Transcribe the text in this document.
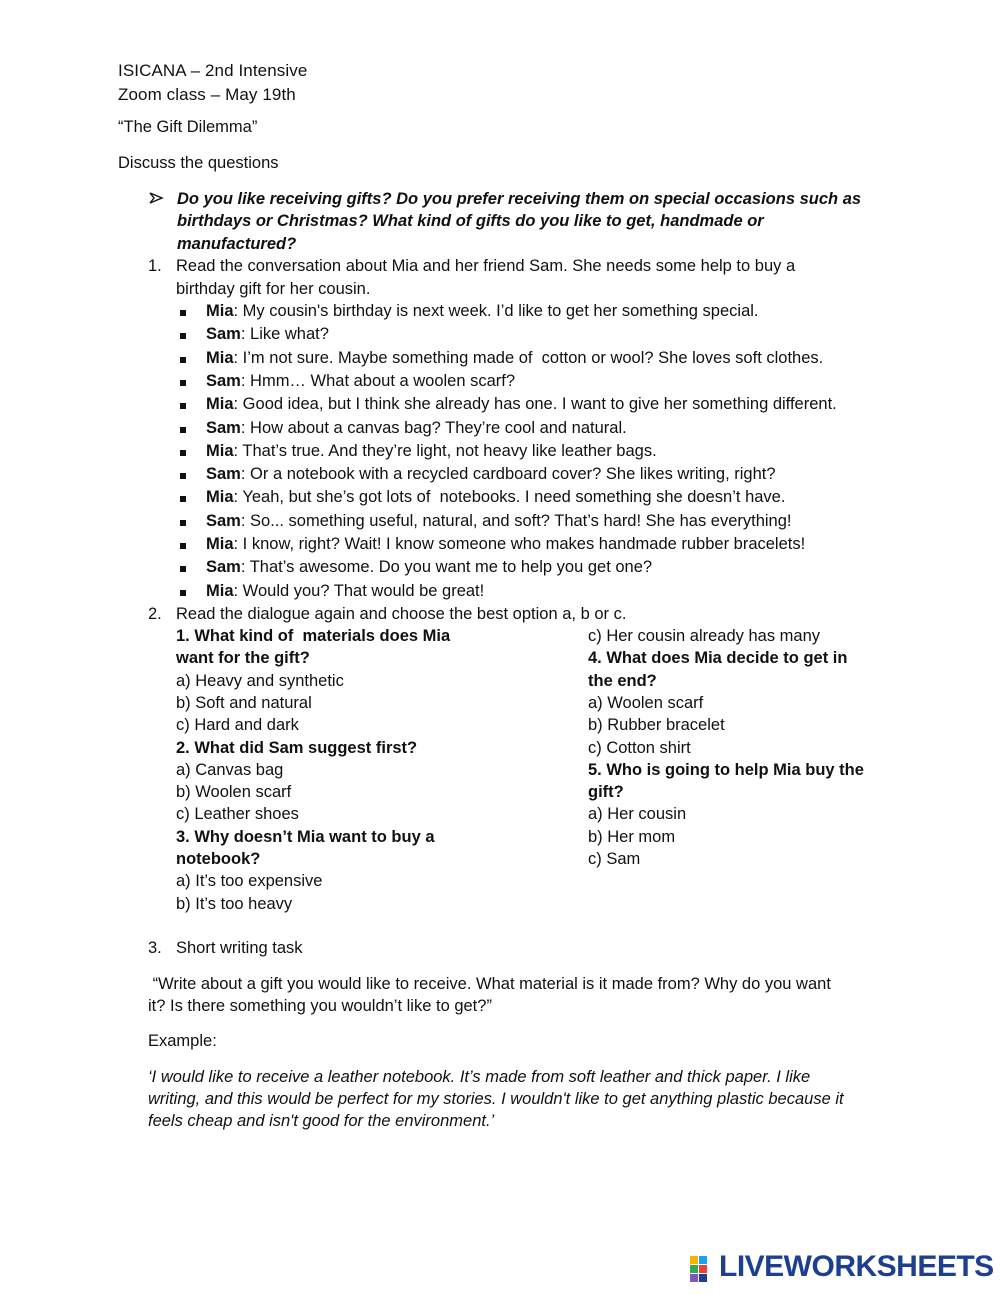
ISICANA – 2nd Intensive
Zoom class – May 19th
“The Gift Dilemma”
Discuss the questions
Do you like receiving gifts? Do you prefer receiving them on special occasions such as
birthdays or Christmas? What kind of gifts do you like to get, handmade or
manufactured?
1. Read the conversation about Mia and her friend Sam. She needs some help to buy a
birthday gift for her cousin.
Mia: My cousin's birthday is next week. I’d like to get her something special.
Sam: Like what?
Mia: I’m not sure. Maybe something made of  cotton or wool? She loves soft clothes.
Sam: Hmm… What about a woolen scarf?
Mia: Good idea, but I think she already has one. I want to give her something different.
Sam: How about a canvas bag? They’re cool and natural.
Mia: That’s true. And they’re light, not heavy like leather bags.
Sam: Or a notebook with a recycled cardboard cover? She likes writing, right?
Mia: Yeah, but she’s got lots of  notebooks. I need something she doesn’t have.
Sam: So... something useful, natural, and soft? That’s hard! She has everything!
Mia: I know, right? Wait! I know someone who makes handmade rubber bracelets!
Sam: That’s awesome. Do you want me to help you get one?
Mia: Would you? That would be great!
2. Read the dialogue again and choose the best option a, b or c.
1. What kind of  materials does Mia
want for the gift?
a) Heavy and synthetic
b) Soft and natural
c) Hard and dark
2. What did Sam suggest first?
a) Canvas bag
b) Woolen scarf
c) Leather shoes
3. Why doesn’t Mia want to buy a
notebook?
a) It’s too expensive
b) It’s too heavy
c) Her cousin already has many
4. What does Mia decide to get in
the end?
a) Woolen scarf
b) Rubber bracelet
c) Cotton shirt
5. Who is going to help Mia buy the
gift?
a) Her cousin
b) Her mom
c) Sam
3. Short writing task
“Write about a gift you would like to receive. What material is it made from? Why do you want
it? Is there something you wouldn’t like to get?”
Example:
‘I would like to receive a leather notebook. It’s made from soft leather and thick paper. I like
writing, and this would be perfect for my stories. I wouldn't like to get anything plastic because it
feels cheap and isn't good for the environment.’
LIVEWORKSHEETS
